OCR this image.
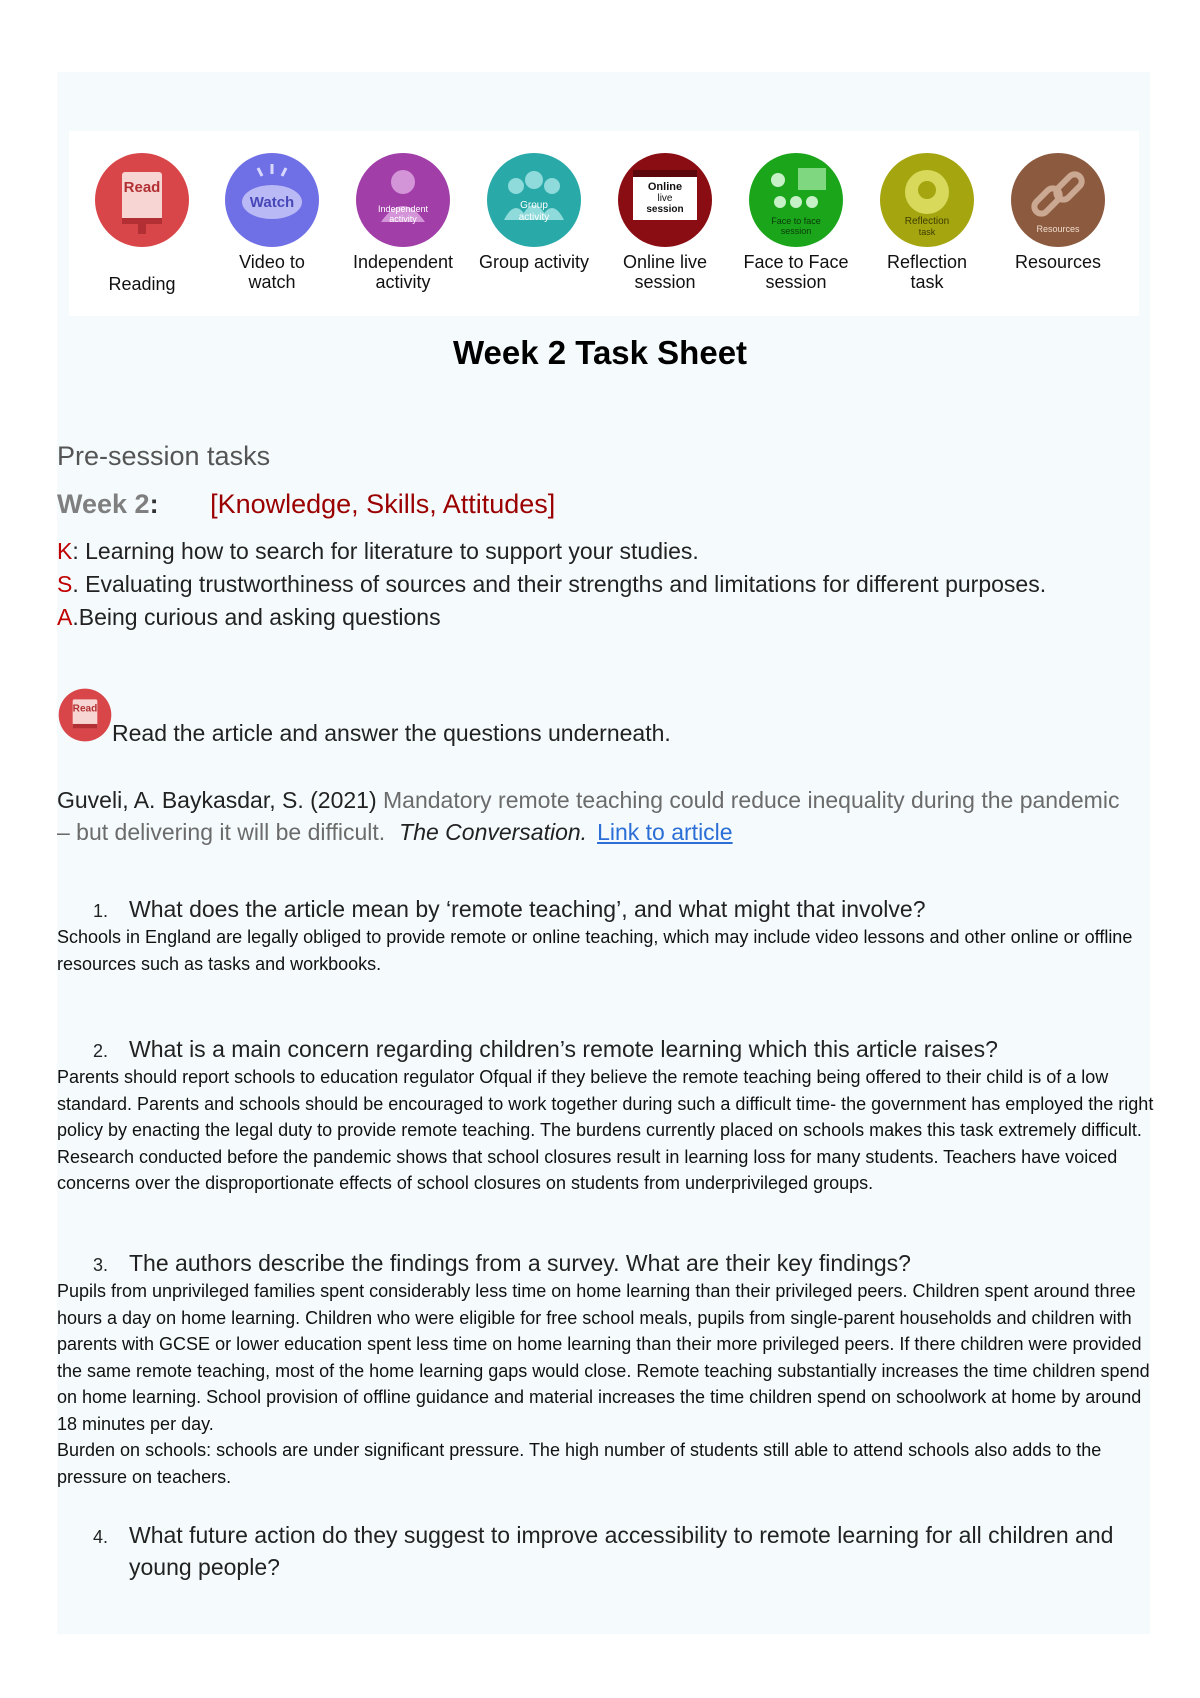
Read
Reading
Watch
Video to
watch
Independent
activity
Independent
activity
Group
activity
Group activity
Online
live
session
Online live
session
Face to face
session
Face to Face
session
Reflection
task
Reflection
task
Resources
Resources
Week 2 Task Sheet
Pre-session tasks
Week 2: [Knowledge, Skills, Attitudes]
K: Learning how to search for literature to support your studies.
S. Evaluating trustworthiness of sources and their strengths and limitations for different purposes.
A.Being curious and asking questions
Read
Read the article and answer the questions underneath.
Guveli, A. Baykasdar, S. (2021) Mandatory remote teaching could reduce inequality during the pandemic – but delivering it will be difficult. The Conversation. Link to article
1. What does the article mean by ‘remote teaching’, and what might that involve?

Schools in England are legally obliged to provide remote or online teaching, which may include video lessons and other online or offline resources such as tasks and workbooks.

2. What is a main concern regarding children’s remote learning which this article raises?

Parents should report schools to education regulator Ofqual if they believe the remote teaching being offered to their child is of a low standard. Parents and schools should be encouraged to work together during such a difficult time- the government has employed the right policy by enacting the legal duty to provide remote teaching. The burdens currently placed on schools makes this task extremely difficult.

Research conducted before the pandemic shows that school closures result in learning loss for many students. Teachers have voiced concerns over the disproportionate effects of school closures on students from underprivileged groups.

3. The authors describe the findings from a survey. What are their key findings?

Pupils from unprivileged families spent considerably less time on home learning than their privileged peers. Children spent around three hours a day on home learning. Children who were eligible for free school meals, pupils from single-parent households and children with parents with GCSE or lower education spent less time on home learning than their more privileged peers. If there children were provided the same remote teaching, most of the home learning gaps would close. Remote teaching substantially increases the time children spend on home learning. School provision of offline guidance and material increases the time children spend on schoolwork at home by around 18 minutes per day.

Burden on schools: schools are under significant pressure. The high number of students still able to attend schools also adds to the pressure on teachers.

4. What future action do they suggest to improve accessibility to remote learning for all children and young people?
